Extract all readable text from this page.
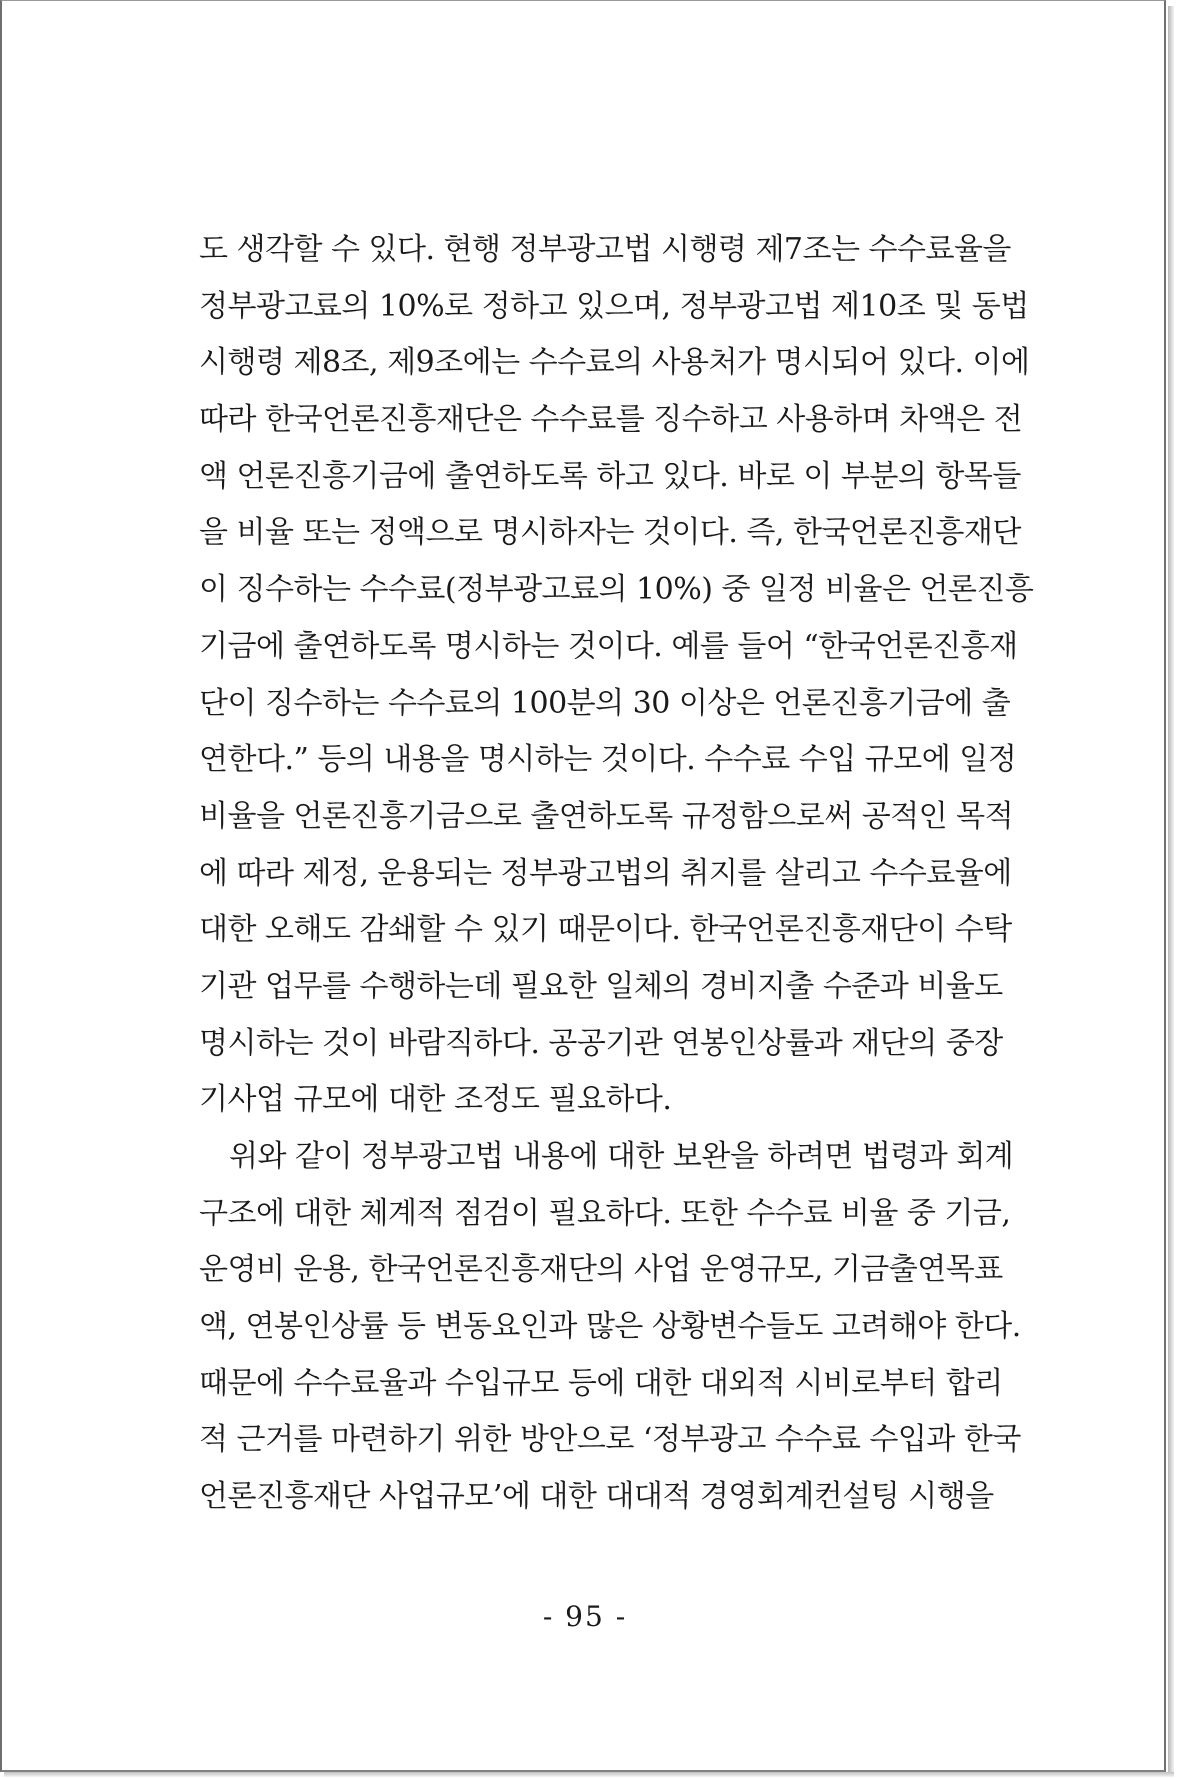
도 생각할 수 있다. 현행 정부광고법 시행령 제7조는 수수료율을
정부광고료의 10%로 정하고 있으며, 정부광고법 제10조 및 동법
시행령 제8조, 제9조에는 수수료의 사용처가 명시되어 있다. 이에
따라 한국언론진흥재단은 수수료를 징수하고 사용하며 차액은 전
액 언론진흥기금에 출연하도록 하고 있다. 바로 이 부분의 항목들
을 비율 또는 정액으로 명시하자는 것이다. 즉, 한국언론진흥재단
이 징수하는 수수료(정부광고료의 10%) 중 일정 비율은 언론진흥
기금에 출연하도록 명시하는 것이다. 예를 들어 “한국언론진흥재
단이 징수하는 수수료의 100분의 30 이상은 언론진흥기금에 출
연한다.” 등의 내용을 명시하는 것이다. 수수료 수입 규모에 일정
비율을 언론진흥기금으로 출연하도록 규정함으로써 공적인 목적
에 따라 제정, 운용되는 정부광고법의 취지를 살리고 수수료율에
대한 오해도 감쇄할 수 있기 때문이다. 한국언론진흥재단이 수탁
기관 업무를 수행하는데 필요한 일체의 경비지출 수준과 비율도
명시하는 것이 바람직하다. 공공기관 연봉인상률과 재단의 중장
기사업 규모에 대한 조정도 필요하다.
위와 같이 정부광고법 내용에 대한 보완을 하려면 법령과 회계
구조에 대한 체계적 점검이 필요하다. 또한 수수료 비율 중 기금,
운영비 운용, 한국언론진흥재단의 사업 운영규모, 기금출연목표
액, 연봉인상률 등 변동요인과 많은 상황변수들도 고려해야 한다.
때문에 수수료율과 수입규모 등에 대한 대외적 시비로부터 합리
적 근거를 마련하기 위한 방안으로 ‘정부광고 수수료 수입과 한국
언론진흥재단 사업규모’에 대한 대대적 경영회계컨설팅 시행을
- 95 -
